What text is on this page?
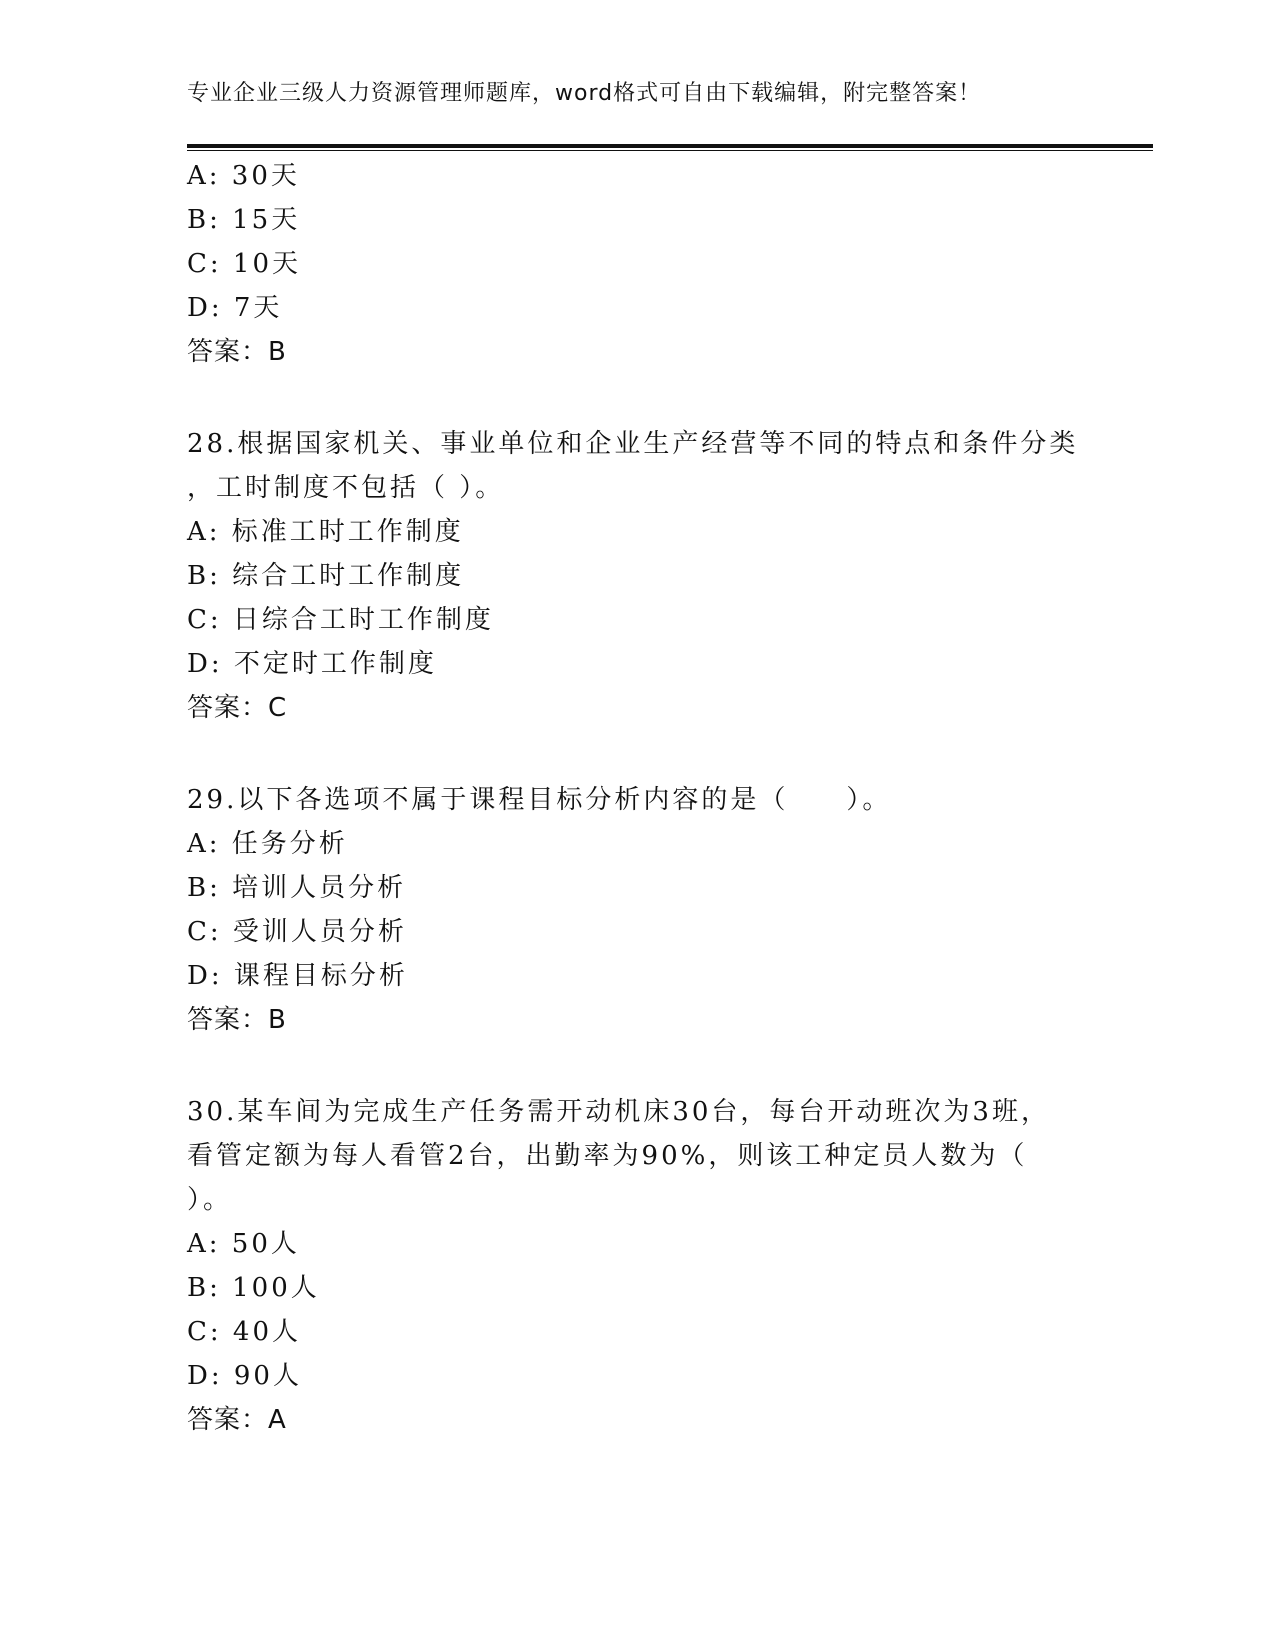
专业企业三级人力资源管理师题库，word格式可自由下载编辑，附完整答案！
A: 30天
B: 15天
C: 10天
D: 7天
答案：B
28.根据国家机关、事业单位和企业生产经营等不同的特点和条件分类
，工时制度不包括（ ）。
A: 标准工时工作制度
B: 综合工时工作制度
C: 日综合工时工作制度
D: 不定时工作制度
答案：C
29.以下各选项不属于课程目标分析内容的是（　　）。
A: 任务分析
B: 培训人员分析
C: 受训人员分析
D: 课程目标分析
答案：B
30.某车间为完成生产任务需开动机床30台，每台开动班次为3班，
看管定额为每人看管2台，出勤率为90%，则该工种定员人数为（
）。
A: 50人
B: 100人
C: 40人
D: 90人
答案：A
